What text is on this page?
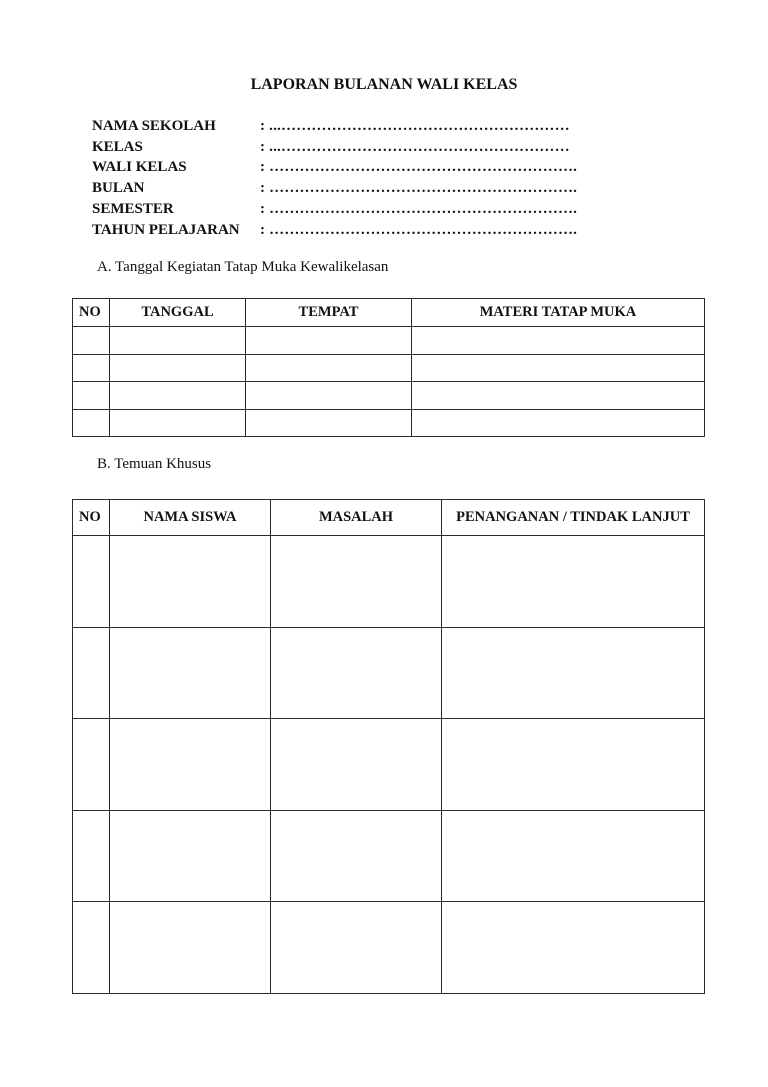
LAPORAN BULANAN WALI KELAS
NAMA SEKOLAH	: ...…………………………………………………
KELAS	: ...…………………………………………………
WALI KELAS	: …………………………………………………….
BULAN	: …………………………………………………….
SEMESTER	: …………………………………………………….
TAHUN PELAJARAN	: …………………………………………………….
A. Tanggal Kegiatan Tatap Muka Kewalikelasan
NO	TANGGAL	TEMPAT	MATERI TATAP MUKA

B. Temuan Khusus
NO	NAMA SISWA	MASALAH	PENANGANAN / TINDAK LANJUT
